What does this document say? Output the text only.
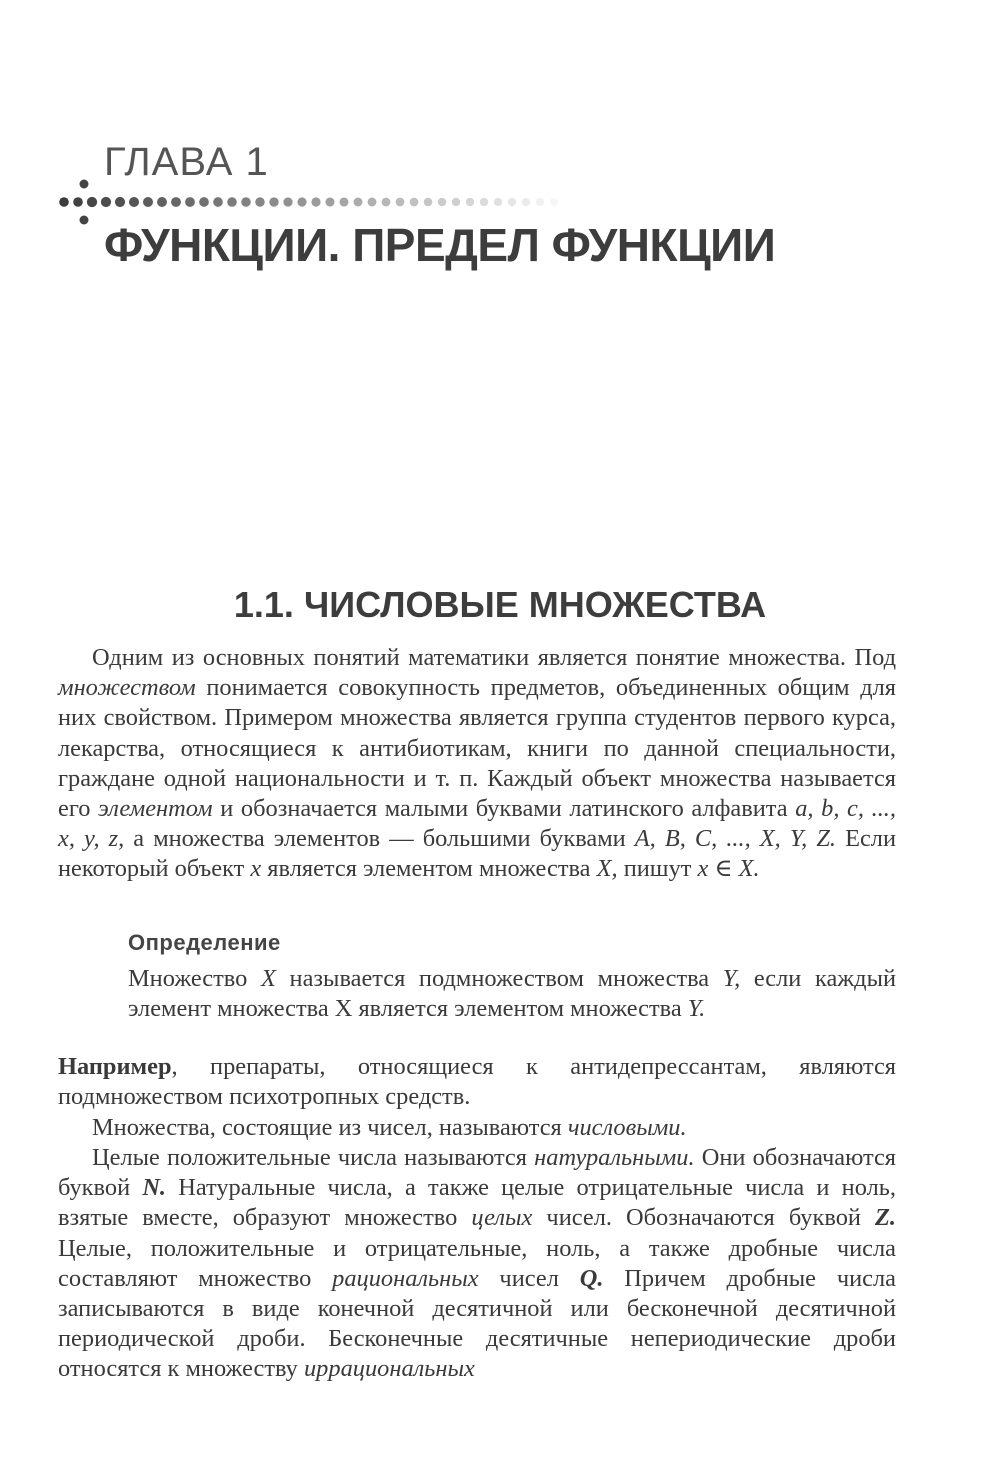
ГЛАВА 1
ФУНКЦИИ. ПРЕДЕЛ ФУНКЦИИ
1.1. ЧИСЛОВЫЕ МНОЖЕСТВА

Одним из основных понятий математики является понятие множества. Под множеством понимается совокупность предметов, объединенных общим для них свойством. Примером множества является группа студентов первого курса, лекарства, относящиеся к антибиотикам, книги по данной специальности, граждане одной национальности и т. п. Каждый объект множества называется его элементом и обозначается малыми буквами латинского алфавита a, b, c, ..., x, y, z, а множества элементов — большими буквами A, B, C, ..., X, Y, Z. Если некоторый объект x является элементом множества X, пишут x ∈ X.

Определение

Множество X называется подмножеством множества Y, если каждый элемент множества X является элементом множества Y.

Например, препараты, относящиеся к антидепрессантам, являются подмножеством психотропных средств.

Множества, состоящие из чисел, называются числовыми.

Целые положительные числа называются натуральными. Они обозначаются буквой N. Натуральные числа, а также целые отрицательные числа и ноль, взятые вместе, образуют множество целых чисел. Обозначаются буквой Z. Целые, положительные и отрицательные, ноль, а также дробные числа составляют множество рациональных чисел Q. Причем дробные числа записываются в виде конечной десятичной или бесконечной десятичной периодической дроби. Бесконечные десятичные непериодические дроби относятся к множеству иррациональных
